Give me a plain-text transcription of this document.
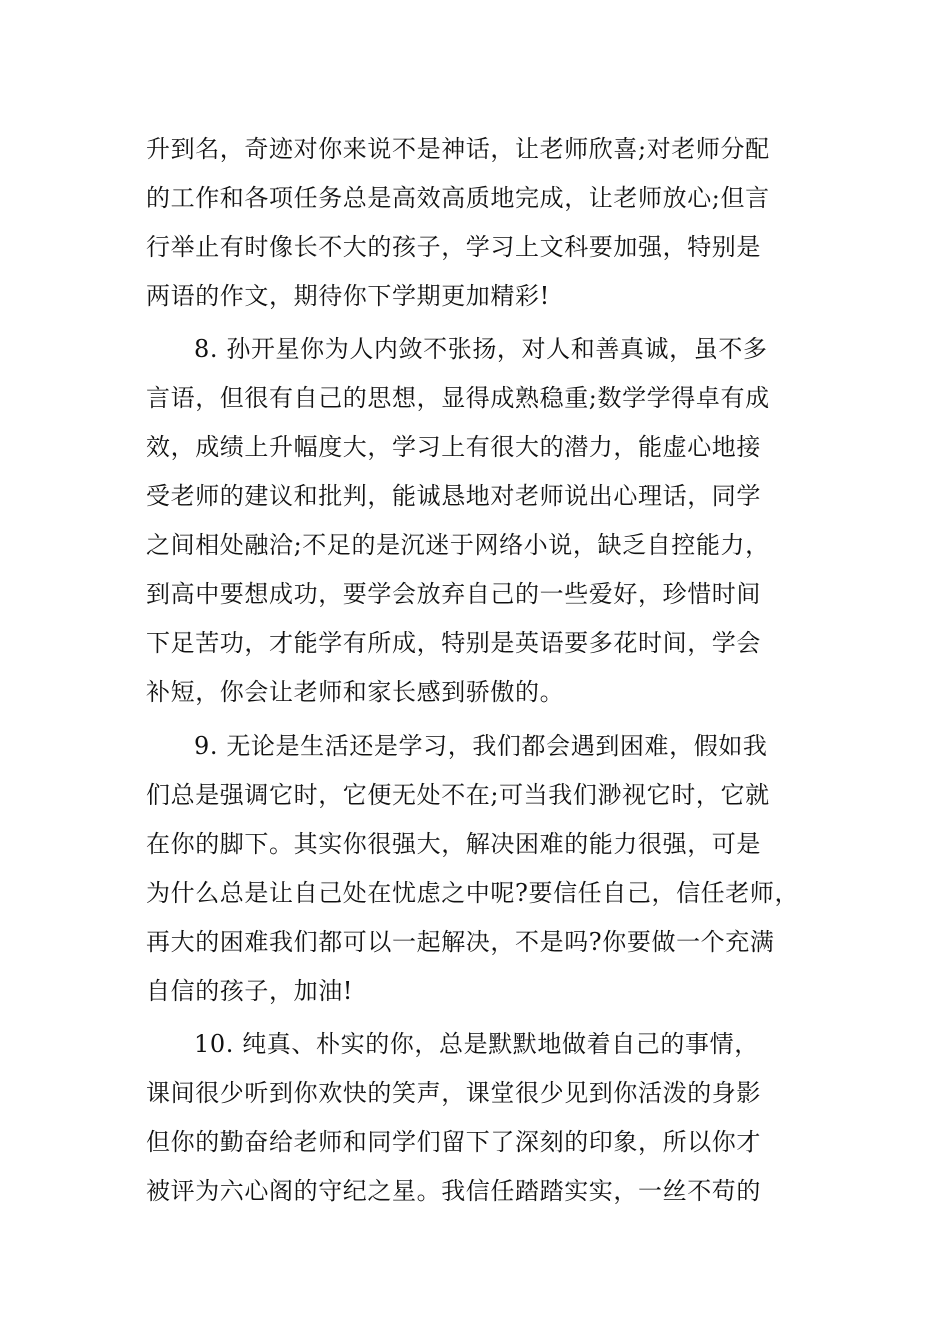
升到名，奇迹对你来说不是神话，让老师欣喜;对老师分配
的工作和各项任务总是高效高质地完成，让老师放心;但言
行举止有时像长不大的孩子，学习上文科要加强，特别是
两语的作文，期待你下学期更加精彩!
8. 孙开星你为人内敛不张扬，对人和善真诚，虽不多
言语，但很有自己的思想，显得成熟稳重;数学学得卓有成
效，成绩上升幅度大，学习上有很大的潜力，能虚心地接
受老师的建议和批判，能诚恳地对老师说出心理话，同学
之间相处融洽;不足的是沉迷于网络小说，缺乏自控能力，
到高中要想成功，要学会放弃自己的一些爱好，珍惜时间
下足苦功，才能学有所成，特别是英语要多花时间，学会
补短，你会让老师和家长感到骄傲的。
9. 无论是生活还是学习，我们都会遇到困难，假如我
们总是强调它时，它便无处不在;可当我们渺视它时，它就
在你的脚下。其实你很强大，解决困难的能力很强，可是
为什么总是让自己处在忧虑之中呢?要信任自己，信任老师，
再大的困难我们都可以一起解决，不是吗?你要做一个充满
自信的孩子，加油!
10. 纯真、朴实的你，总是默默地做着自己的事情，
课间很少听到你欢快的笑声，课堂很少见到你活泼的身影
但你的勤奋给老师和同学们留下了深刻的印象，所以你才
被评为六心阁的守纪之星。我信任踏踏实实，一丝不苟的
